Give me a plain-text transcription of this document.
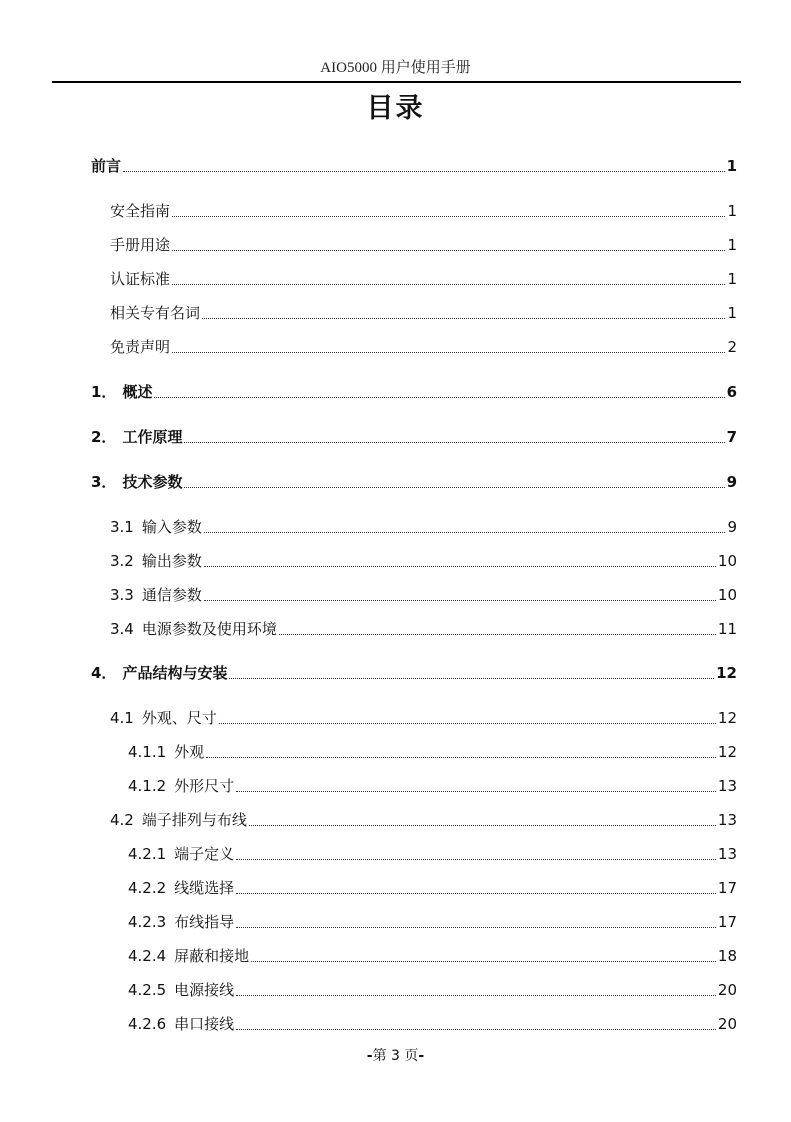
AIO5000 用户使用手册
目录
前言	1
安全指南	1
手册用途	1
认证标准	1
相关专有名词	1
免责声明	2
1． 概述	6
2． 工作原理	7
3． 技术参数	9
3.1 输入参数	9
3.2 输出参数	10
3.3 通信参数	10
3.4 电源参数及使用环境	11
4． 产品结构与安装	12
4.1 外观、尺寸	12
4.1.1 外观	12
4.1.2 外形尺寸	13
4.2 端子排列与布线	13
4.2.1 端子定义	13
4.2.2 线缆选择	17
4.2.3 布线指导	17
4.2.4 屏蔽和接地	18
4.2.5 电源接线	20
4.2.6 串口接线	20
-第 3 页-
